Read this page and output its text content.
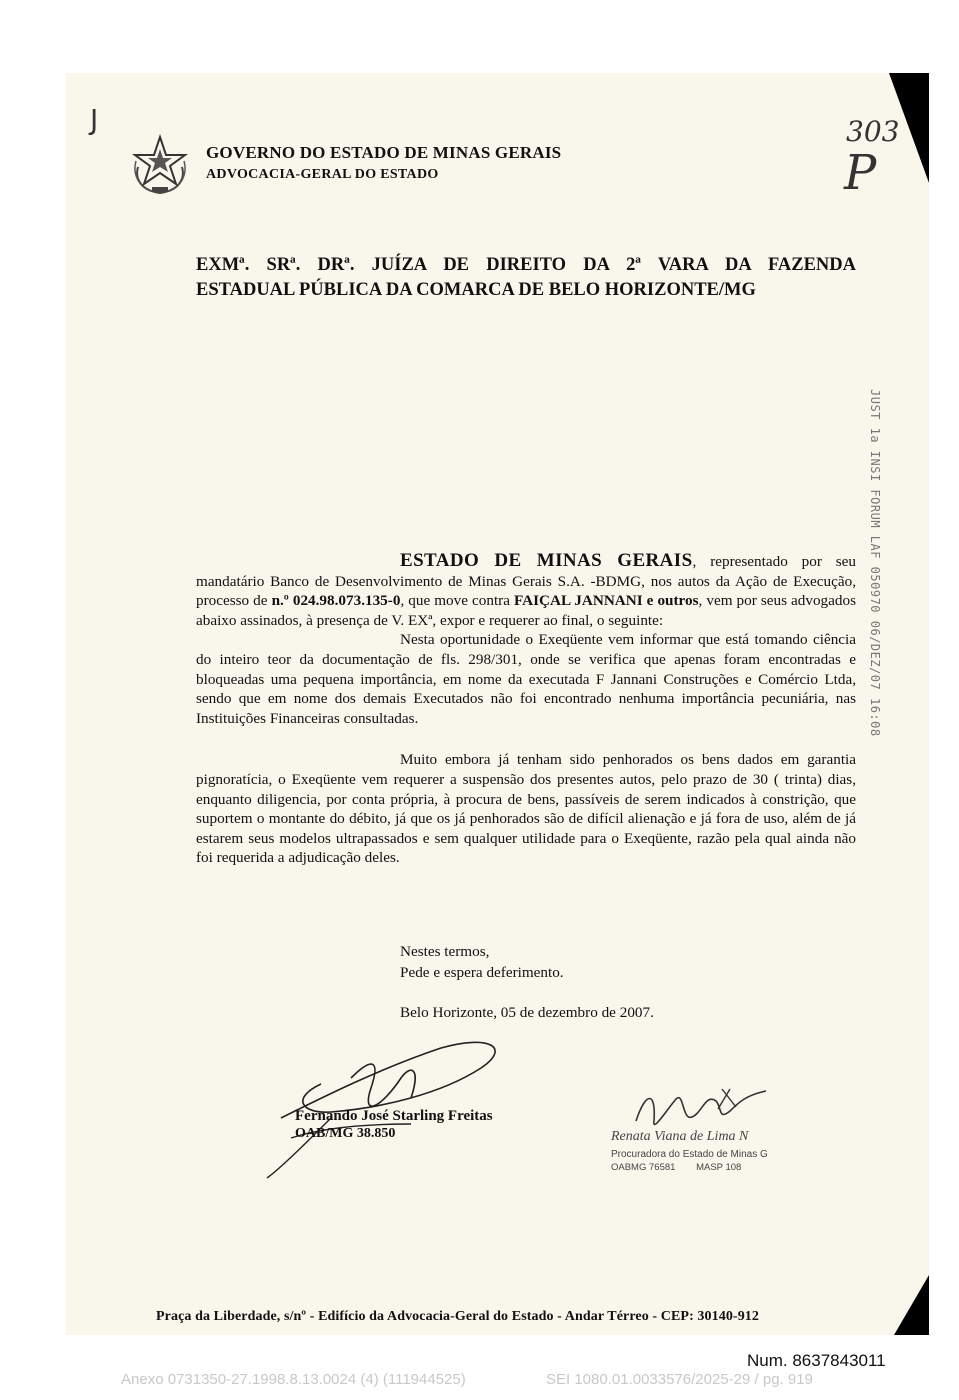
J	303
P
GOVERNO DO ESTADO DE MINAS GERAIS
ADVOCACIA-GERAL DO ESTADO
EXMª. SRª. DRª. JUÍZA DE DIREITO DA 2ª VARA DA FAZENDA

ESTADUAL PÚBLICA DA COMARCA DE BELO HORIZONTE/MG
JUST 1a INSI FORUM LAF 050970 06/DEZ/07 16:08

ESTADO DE MINAS GERAIS, representado por seu mandatário Banco de Desenvolvimento de Minas Gerais S.A. -BDMG, nos autos da Ação de Execução, processo de n.º 024.98.073.135-0, que move contra FAIÇAL JANNANI e outros, vem por seus advogados abaixo assinados, à presença de V. EXª, expor e requerer ao final, o seguinte:

Nesta oportunidade o Exeqüente vem informar que está tomando ciência do inteiro teor da documentação de fls. 298/301, onde se verifica que apenas foram encontradas e bloqueadas uma pequena importância, em nome da executada F Jannani Construções e Comércio Ltda, sendo que em nome dos demais Executados não foi encontrado nenhuma importância pecuniária, nas Instituições Financeiras consultadas.

Muito embora já tenham sido penhorados os bens dados em garantia pignoratícia, o Exeqüente vem requerer a suspensão dos presentes autos, pelo prazo de 30 ( trinta) dias, enquanto diligencia, por conta própria, à procura de bens, passíveis de serem indicados à constrição, que suportem o montante do débito, já que os já penhorados são de difícil alienação e já fora de uso, além de já estarem seus modelos ultrapassados e sem qualquer utilidade para o Exeqüente, razão pela qual ainda não foi requerida a adjudicação deles.

Nestes termos,
Pede e espera deferimento.
Belo Horizonte, 05 de dezembro de 2007.
Fernando José Starling Freitas
OAB/MG 38.850	Renata Viana de Lima N
Procuradora do Estado de Minas G
OABMG 76581 MASP 108
Praça da Liberdade, s/nº - Edifício da Advocacia-Geral do Estado - Andar Térreo - CEP: 30140-912
Num. 8637843011
Anexo 0731350-27.1998.8.13.0024 (4) (111944525)	SEI 1080.01.0033576/2025-29 / pg. 919
